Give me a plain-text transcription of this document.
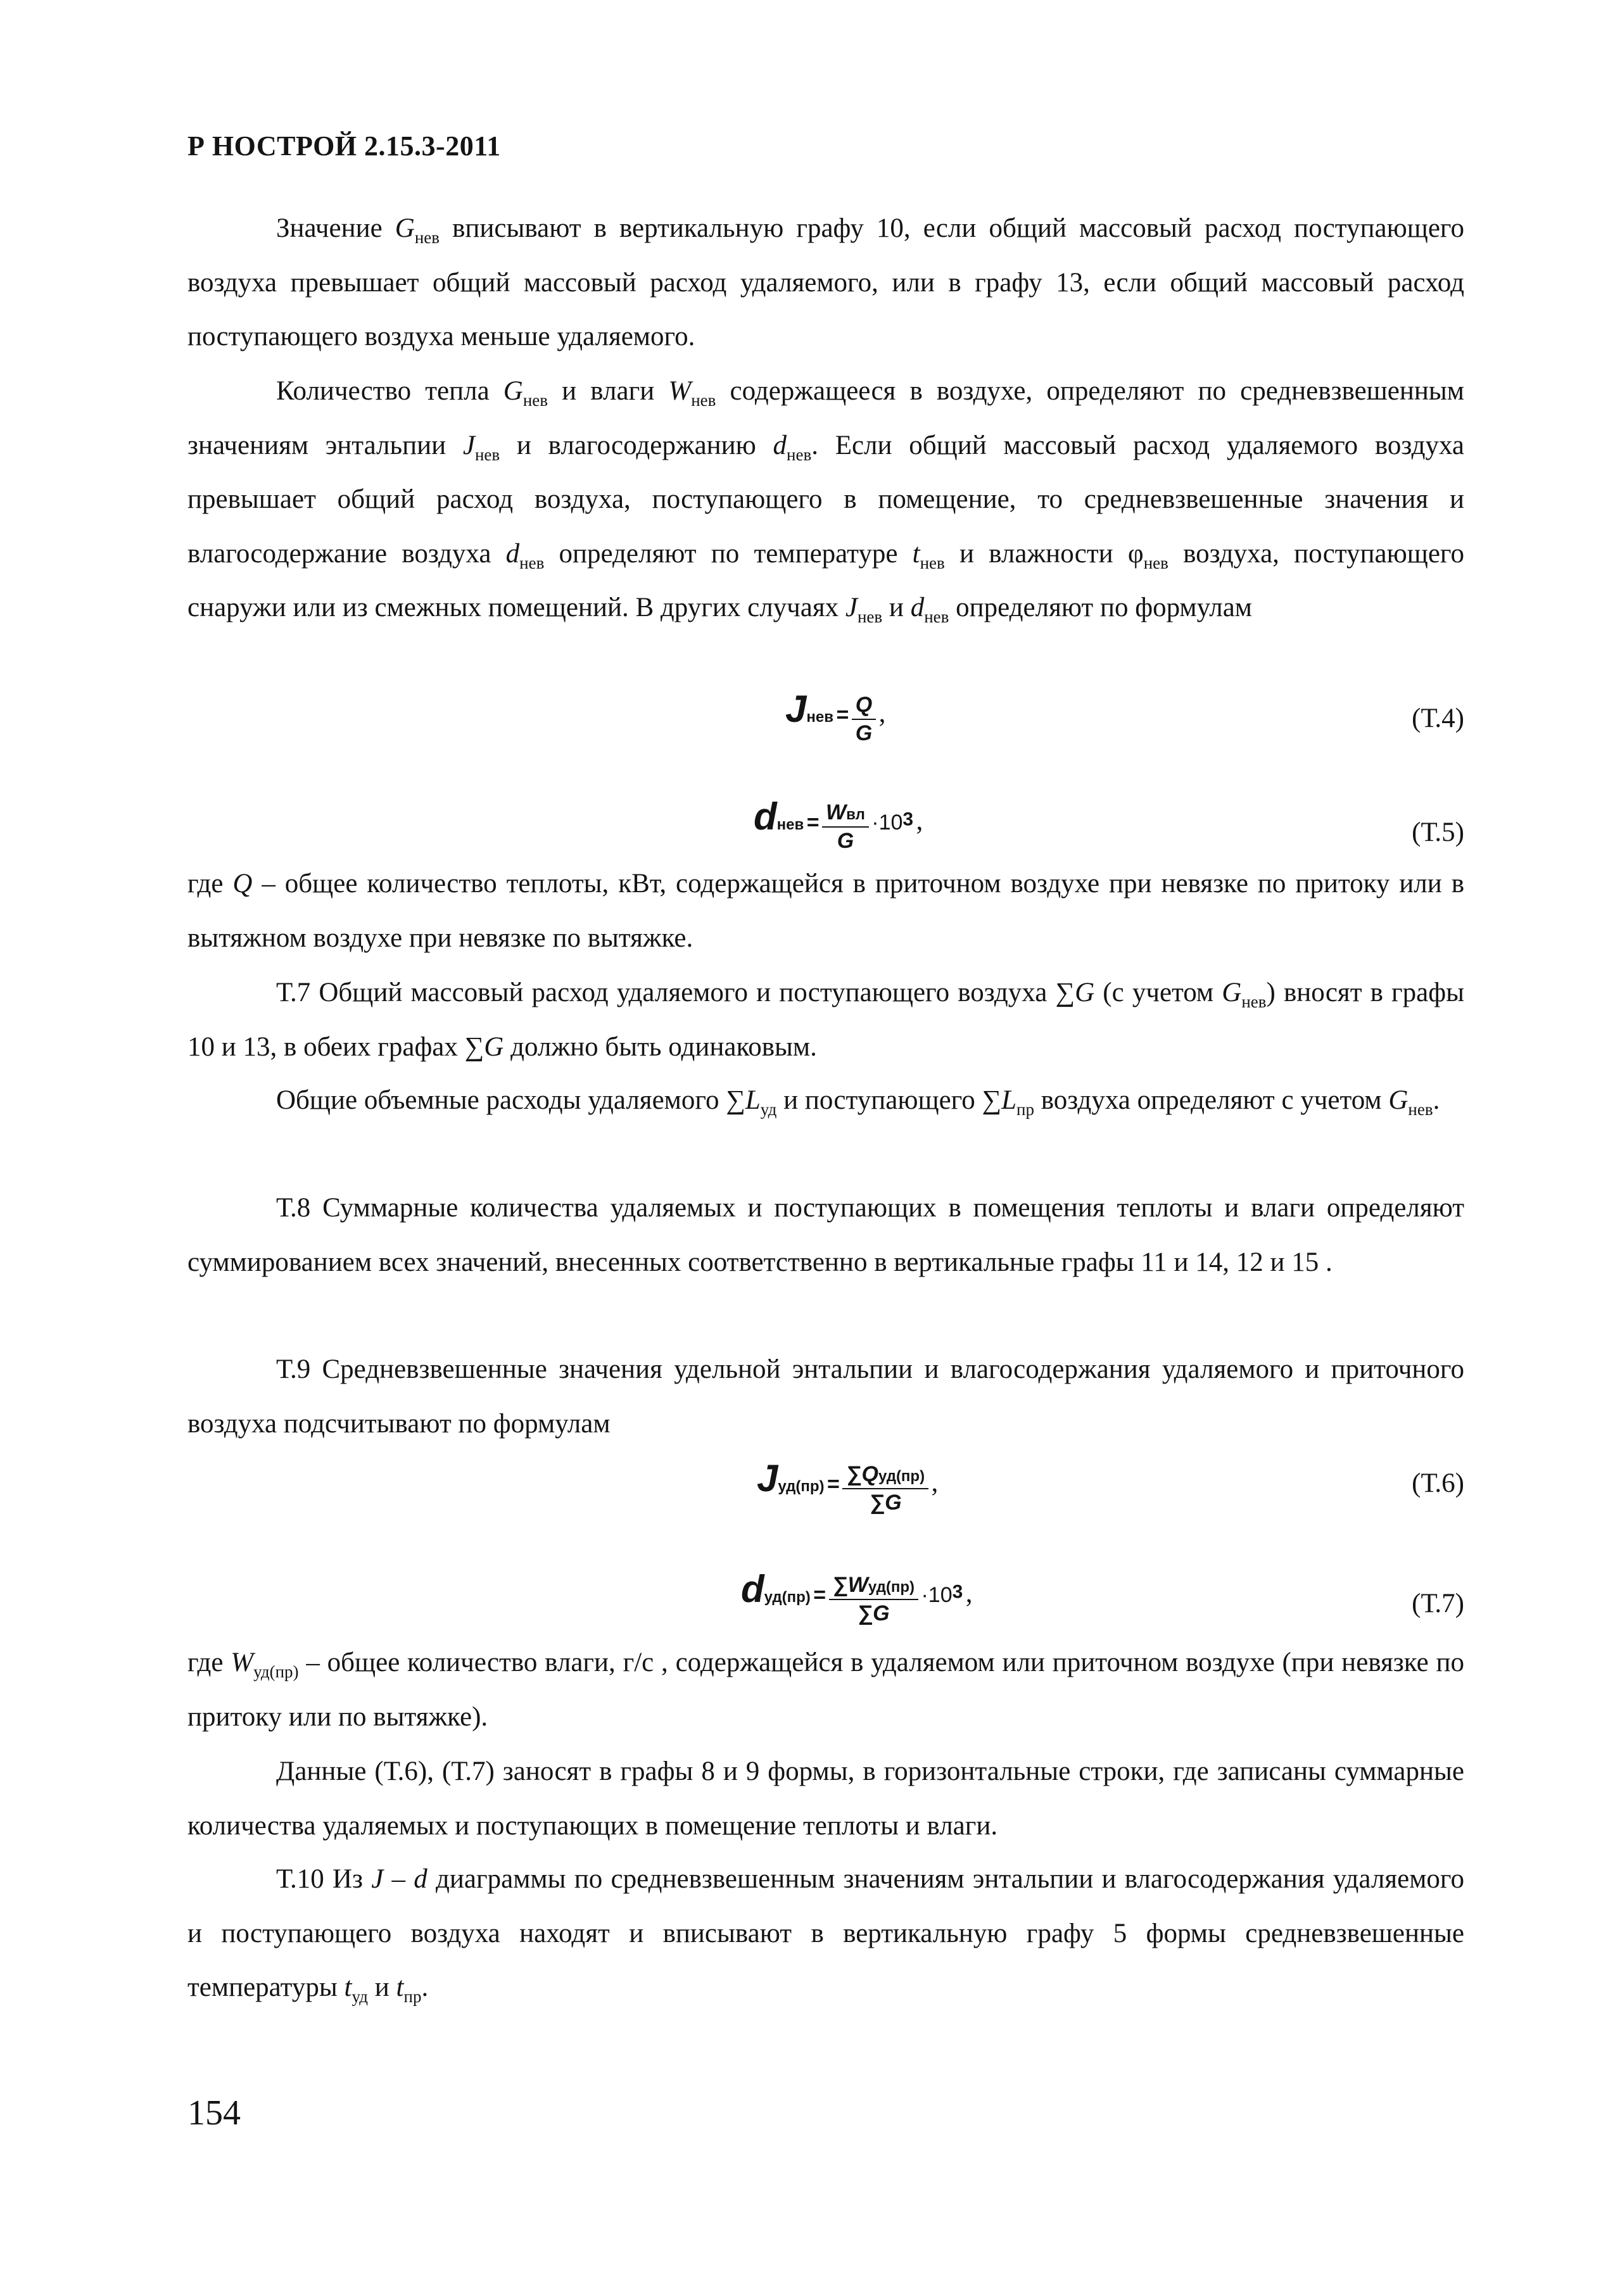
Р НОСТРОЙ 2.15.3-2011

Значение $G_{нев}$ вписывают в вертикальную графу 10, если общий массовый расход поступающего воздуха превышает общий массовый расход удаляемого, или в графу 13, если общий массовый расход поступающего воздуха меньше удаляемого.

Количество тепла $G_{нев}$ и влаги $W_{нев}$ содержащееся в воздухе, определяют по средневзвешенным значениям энтальпии $J_{нев}$ и влагосодержанию $d_{нев}$. Если общий массовый расход удаляемого воздуха превышает общий расход воздуха, поступающего в помещение, то средневзвешенные значения и влагосодержание воздуха $d_{нев}$ определяют по температуре $t_{нев}$ и влажности $\varphi_{нев}$ воздуха, поступающего снаружи или из смежных помещений. В других случаях $J_{нев}$ и $d_{нев}$ определяют по формулам

Jнев = $\frac{Q}{G}$ ,	(Т.4)
dнев = $\frac{\text{Wвл}}{G} \cdot 10^3$ ,	(Т.5)

где Q – общее количество теплоты, кВт, содержащейся в приточном воздухе при невязке по притоку или в вытяжном воздухе при невязке по вытяжке.

Т.7 Общий массовый расход удаляемого и поступающего воздуха ∑G (с учетом $G_{нев}$) вносят в графы 10 и 13, в обеих графах ∑G должно быть одинаковым.

Общие объемные расходы удаляемого $\sum L_{уд}$ и поступающего $\sum L_{пр}$ воздуха определяют с учетом $G_{нев}$.

Т.8 Суммарные количества удаляемых и поступающих в помещения теплоты и влаги определяют суммированием всех значений, внесенных соответственно в вертикальные графы 11 и 14, 12 и 15 .

Т.9 Средневзвешенные значения удельной энтальпии и влагосодержания удаляемого и приточного воздуха подсчитывают по формулам

$Jуд(пр) = \frac{\text{∑Qуд(пр)}}{\sum G}$ ,	(Т.6)
$dуд(пр) = \frac{\text{∑Wуд(пр)}}{\sum G} \cdot 10^3$ ,	(Т.7)

где $W_{уд(пр)}$ – общее количество влаги, г/с , содержащейся в удаляемом или приточном воздухе (при невязке по притоку или по вытяжке).

Данные (Т.6), (Т.7) заносят в графы 8 и 9 формы, в горизонтальные строки, где записаны суммарные количества удаляемых и поступающих в помещение теплоты и влаги.

Т.10 Из J – d диаграммы по средневзвешенным значениям энтальпии и влагосодержания удаляемого и поступающего воздуха находят и вписывают в вертикальную графу 5 формы средневзвешенные температуры $t_{уд}$ и $t_{пр}$.

154
